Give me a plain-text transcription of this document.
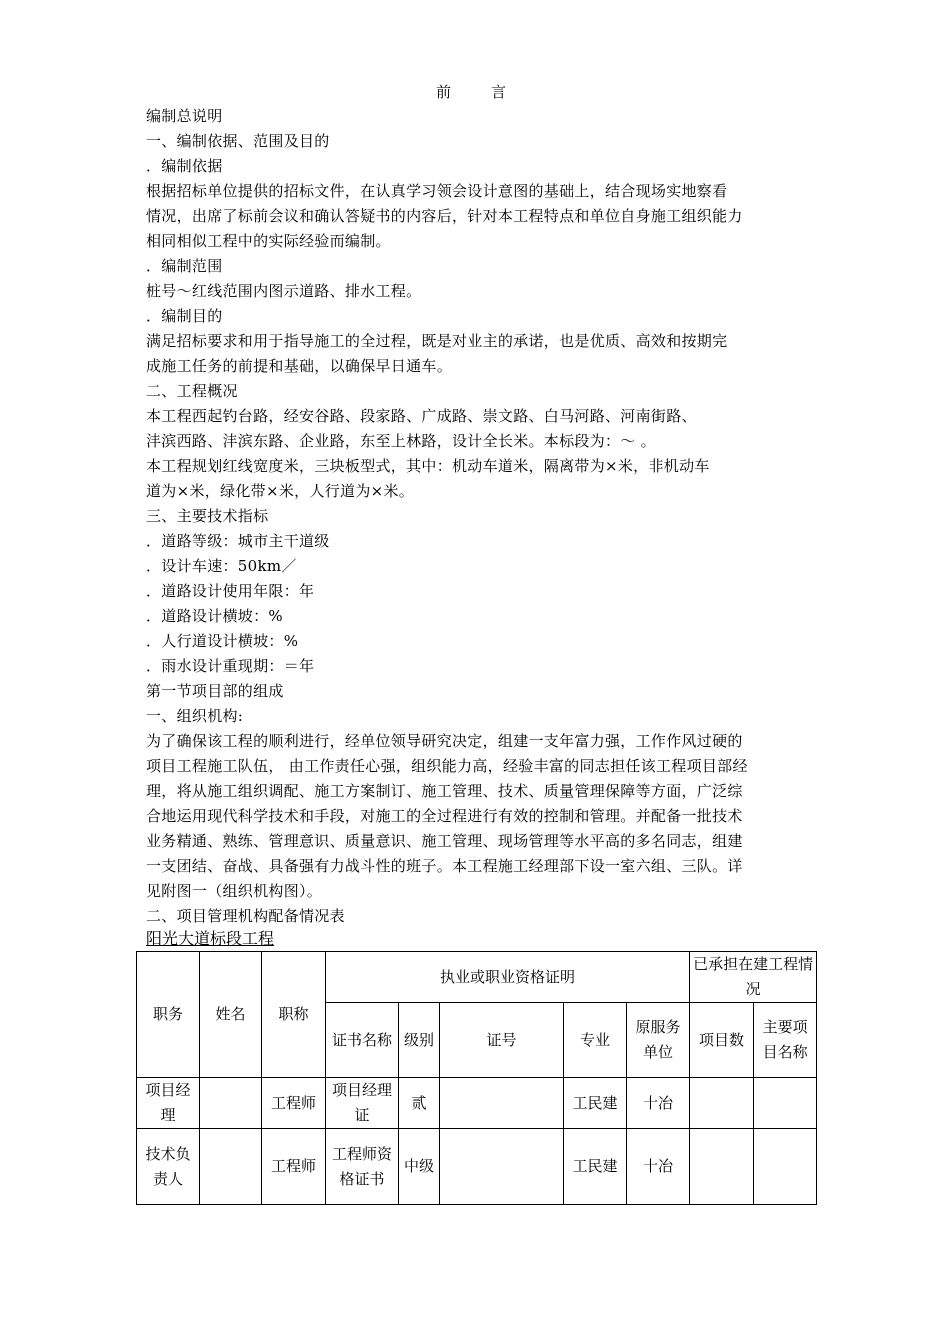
前言
编制总说明
一、编制依据、范围及目的
．编制依据
根据招标单位提供的招标文件，在认真学习领会设计意图的基础上，结合现场实地察看
情况，出席了标前会议和确认答疑书的内容后，针对本工程特点和单位自身施工组织能力
相同相似工程中的实际经验而编制。
．编制范围
桩号～红线范围内图示道路、排水工程。
．编制目的
满足招标要求和用于指导施工的全过程，既是对业主的承诺，也是优质、高效和按期完
成施工任务的前提和基础，以确保早日通车。
二、工程概况
本工程西起钓台路，经安谷路、段家路、广成路、崇文路、白马河路、河南街路、
沣滨西路、沣滨东路、企业路，东至上林路，设计全长米。本标段为：～ 。
本工程规划红线宽度米，三块板型式，其中：机动车道米，隔离带为×米，非机动车
道为×米，绿化带×米，人行道为×米。
三、主要技术指标
．道路等级：城市主干道级
．设计车速：50km／
．道路设计使用年限：年
．道路设计横坡：%
．人行道设计横坡：%
．雨水设计重现期：＝年
第一节项目部的组成
一、组织机构:
为了确保该工程的顺利进行，经单位领导研究决定，组建一支年富力强，工作作风过硬的
项目工程施工队伍， 由工作责任心强，组织能力高，经验丰富的同志担任该工程项目部经
理，将从施工组织调配、施工方案制订、施工管理、技术、质量管理保障等方面，广泛综
合地运用现代科学技术和手段，对施工的全过程进行有效的控制和管理。并配备一批技术
业务精通、熟练、管理意识、质量意识、施工管理、现场管理等水平高的多名同志，组建
一支团结、奋战、具备强有力战斗性的班子。本工程施工经理部下设一室六组、三队。详
见附图一（组织机构图）。
二、项目管理机构配备情况表
阳光大道标段工程
职务	姓名	职称	执业或职业资格证明					已承担在建工程情况	
			证书名称	级别	证号	专业	原服务单位	项目数	主要项目名称
项目经理		工程师	项目经理证	贰		工民建	十冶		
技术负责人		工程师	工程师资格证书	中级		工民建	十冶		
